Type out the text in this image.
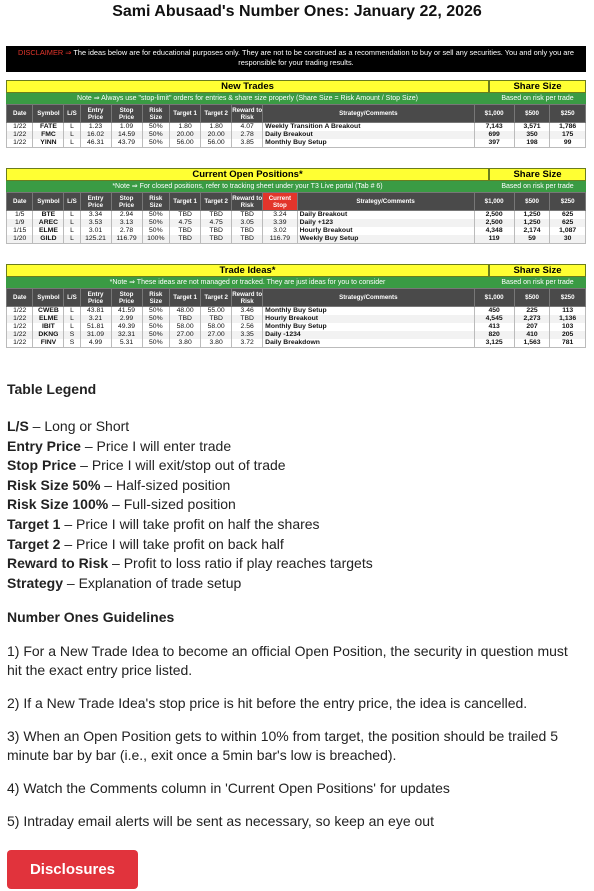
Sami Abusaad's Number Ones: January 22, 2026
DISCLAIMER ⇒ The ideas below are for educational purposes only. They are not to be construed as a recommendation to buy or sell any securities. You and only you are responsible for your trading results.
New Trades	Share Size
Note ⇒ Always use "stop-limit" orders for entries & share size properly (Share Size = Risk Amount / Stop Size)	Based on risk per trade
Date	Symbol	L/S	Entry Price	Stop Price	Risk Size	Target 1	Target 2	Reward to Risk	Strategy/Comments	$1,000	$500	$250
1/22	FATE	L	1.23	1.09	50%	1.80	1.80	4.07	Weekly Transition A Breakout	7,143	3,571	1,786
1/22	FMC	L	16.02	14.59	50%	20.00	20.00	2.78	Daily Breakout	699	350	175
1/22	YINN	L	46.31	43.79	50%	56.00	56.00	3.85	Monthly Buy Setup	397	198	99
Current Open Positions*	Share Size
*Note ⇒ For closed positions, refer to tracking sheet under your T3 Live portal (Tab # 6)	Based on risk per trade
Date	Symbol	L/S	Entry Price	Stop Price	Risk Size	Target 1	Target 2	Reward to Risk	Current Stop	Strategy/Comments	$1,000	$500	$250
1/5	BTE	L	3.34	2.94	50%	TBD	TBD	TBD	3.24	Daily Breakout	2,500	1,250	625
1/9	AREC	L	3.53	3.13	50%	4.75	4.75	3.05	3.39	Daily +123	2,500	1,250	625
1/15	ELME	L	3.01	2.78	50%	TBD	TBD	TBD	3.02	Hourly Breakout	4,348	2,174	1,087
1/20	GILD	L	125.21	116.79	100%	TBD	TBD	TBD	116.79	Weekly Buy Setup	119	59	30
Trade Ideas*	Share Size
*Note ⇒ These ideas are not managed or tracked. They are just ideas for you to consider	Based on risk per trade
Date	Symbol	L/S	Entry Price	Stop Price	Risk Size	Target 1	Target 2	Reward to Risk	Strategy/Comments	$1,000	$500	$250
1/22	CWEB	L	43.81	41.59	50%	48.00	55.00	3.46	Monthly Buy Setup	450	225	113
1/22	ELME	L	3.21	2.99	50%	TBD	TBD	TBD	Hourly Breakout	4,545	2,273	1,136
1/22	IBIT	L	51.81	49.39	50%	58.00	58.00	2.56	Monthly Buy Setup	413	207	103
1/22	DKNG	S	31.09	32.31	50%	27.00	27.00	3.35	Daily -1234	820	410	205
1/22	FINV	S	4.99	5.31	50%	3.80	3.80	3.72	Daily Breakdown	3,125	1,563	781
Table Legend
L/S – Long or Short
Entry Price – Price I will enter trade
Stop Price – Price I will exit/stop out of trade
Risk Size 50% – Half-sized position
Risk Size 100% – Full-sized position
Target 1 – Price I will take profit on half the shares
Target 2 – Price I will take profit on back half
Reward to Risk – Profit to loss ratio if play reaches targets
Strategy – Explanation of trade setup
Number Ones Guidelines

1) For a New Trade Idea to become an official Open Position, the security in question must hit the exact entry price listed.

2) If a New Trade Idea's stop price is hit before the entry price, the idea is cancelled.

3) When an Open Position gets to within 10% from target, the position should be trailed 5 minute bar by bar (i.e., exit once a 5min bar's low is breached).

4) Watch the Comments column in 'Current Open Positions' for updates

5) Intraday email alerts will be sent as necessary, so keep an eye out

Disclosures
